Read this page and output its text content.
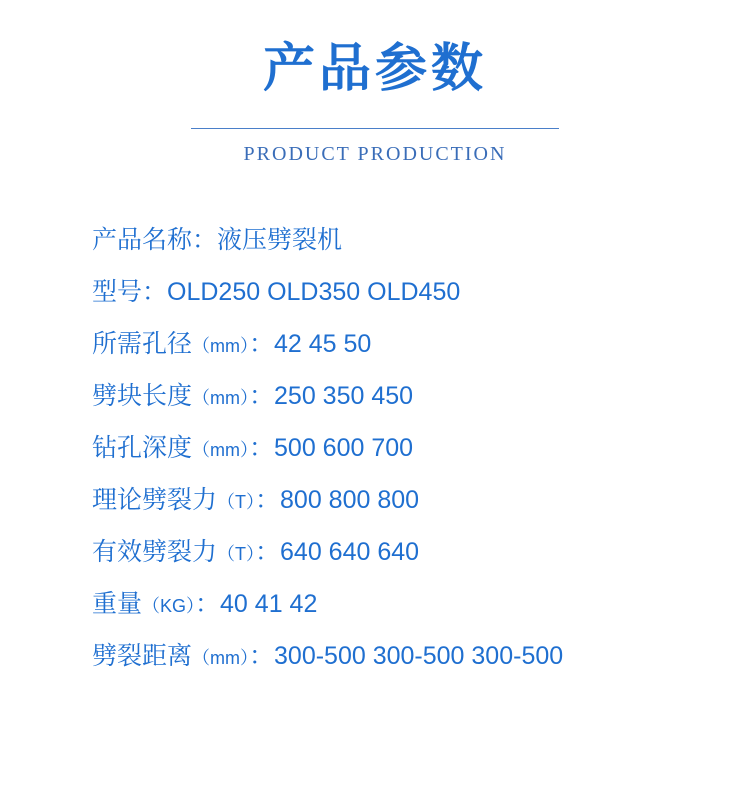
产品参数
PRODUCT PRODUCTION
产品名称：液压劈裂机
型号：OLD250 OLD350 OLD450
所需孔径（mm）：42 45 50
劈块长度（mm）：250 350 450
钻孔深度（mm）：500 600 700
理论劈裂力（T）：800 800 800
有效劈裂力（T）：640 640 640
重量（KG）：40 41 42
劈裂距离（mm）：300-500 300-500 300-500
